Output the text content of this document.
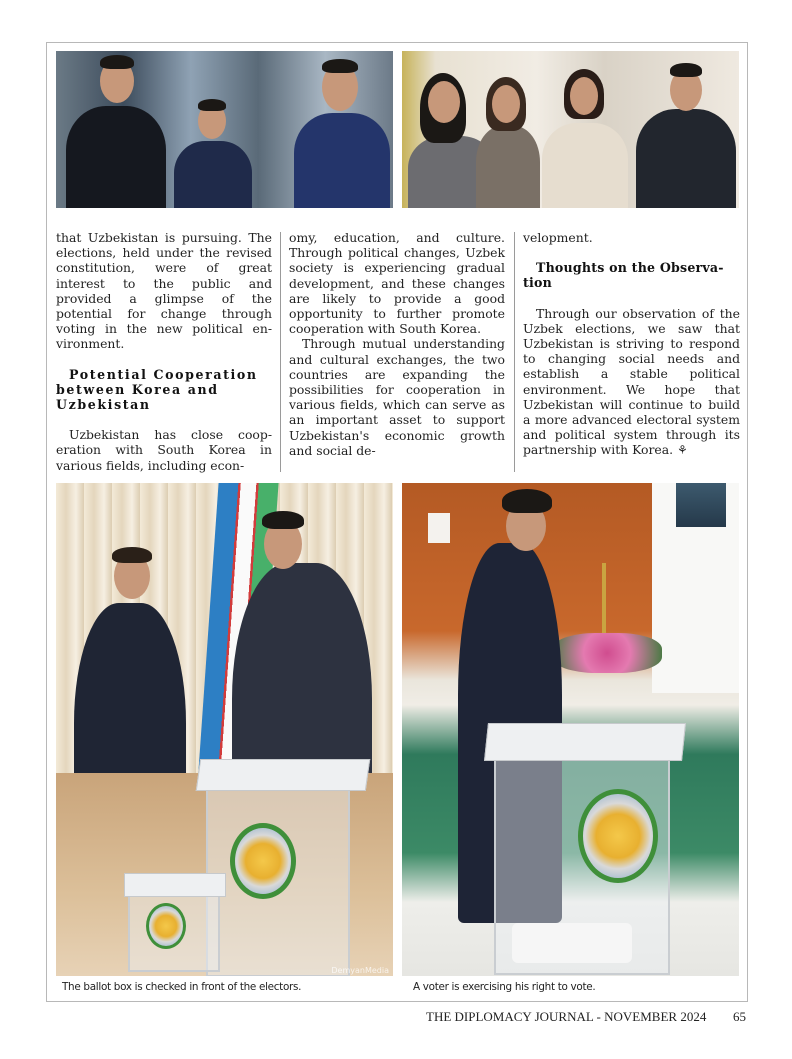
that Uzbekistan is pursuing. The elections, held under the revised constitution, were of great interest to the public and provided a glimpse of the potential for change through voting in the new political environment.

Potential Cooperation between Korea and Uzbekistan

Uzbekistan has close cooperation with South Korea in various fields, including econ-

omy, education, and culture. Through political changes, Uzbek society is experiencing gradual development, and these changes are likely to provide a good opportunity to further promote cooperation with South Korea.

Through mutual understanding and cultural exchanges, the two countries are expanding the possibilities for cooperation in various fields, which can serve as an important asset to support Uzbekistan's economic growth and social de-

velopment.

Thoughts on the Observation

Through our observation of the Uzbek elections, we saw that Uzbekistan is striving to respond to changing social needs and establish a stable political environment. We hope that Uzbekistan will continue to build a more advanced electoral system and political system through its partnership with Korea. ⚘

DemyanMedia
The ballot box is checked in front of the electors.	A voter is exercising his right to vote.
THE DIPLOMACY JOURNAL - NOVEMBER 2024 65
